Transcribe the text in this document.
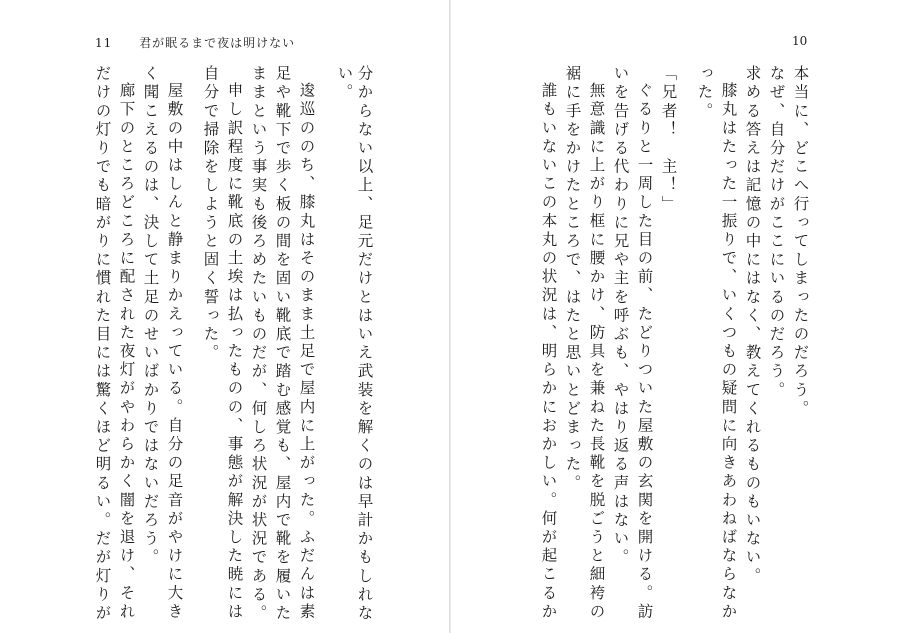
11 君が眠るまで夜は明けない
い。 分からない以上、足元だけとはいえ武装を解くのは早計かもしれな
逡巡ののち、膝丸はそのまま土足で屋内に上がった。ふだんは素
足や靴下で歩く板の間を固い靴底で踏む感覚も、屋内で靴を履いた
ままという事実も後ろめたいものだが、何しろ状況が状況である。
申し訳程度に靴底の土埃は払ったものの、事態が解決した暁には
自分で掃除をしようと固く誓った。
屋敷の中はしんと静まりかえっている。自分の足音がやけに大き
く聞こえるのは、決して土足のせいばかりではないだろう。
廊下のところどころに配された夜灯がやわらかく闇を退け、それ
だけの灯りでも暗がりに慣れた目には驚くほど明るい。だが灯りが
10
本当に、どこへ行ってしまったのだろう。
なぜ、自分だけがここにいるのだろう。
求める答えは記憶の中にはなく、教えてくれるものもいない。
膝丸はたった一振りで、いくつもの疑問に向きあわねばならなか
った。
「兄者！　主！」
ぐるりと一周した目の前、たどりついた屋敷の玄関を開ける。訪
いを告げる代わりに兄や主を呼ぶも、やはり返る声はない。
無意識に上がり框に腰かけ、防具を兼ねた長靴を脱ごうと細袴の
裾に手をかけたところで、はたと思いとどまった。
誰もいないこの本丸の状況は、明らかにおかしい。何が起こるか
